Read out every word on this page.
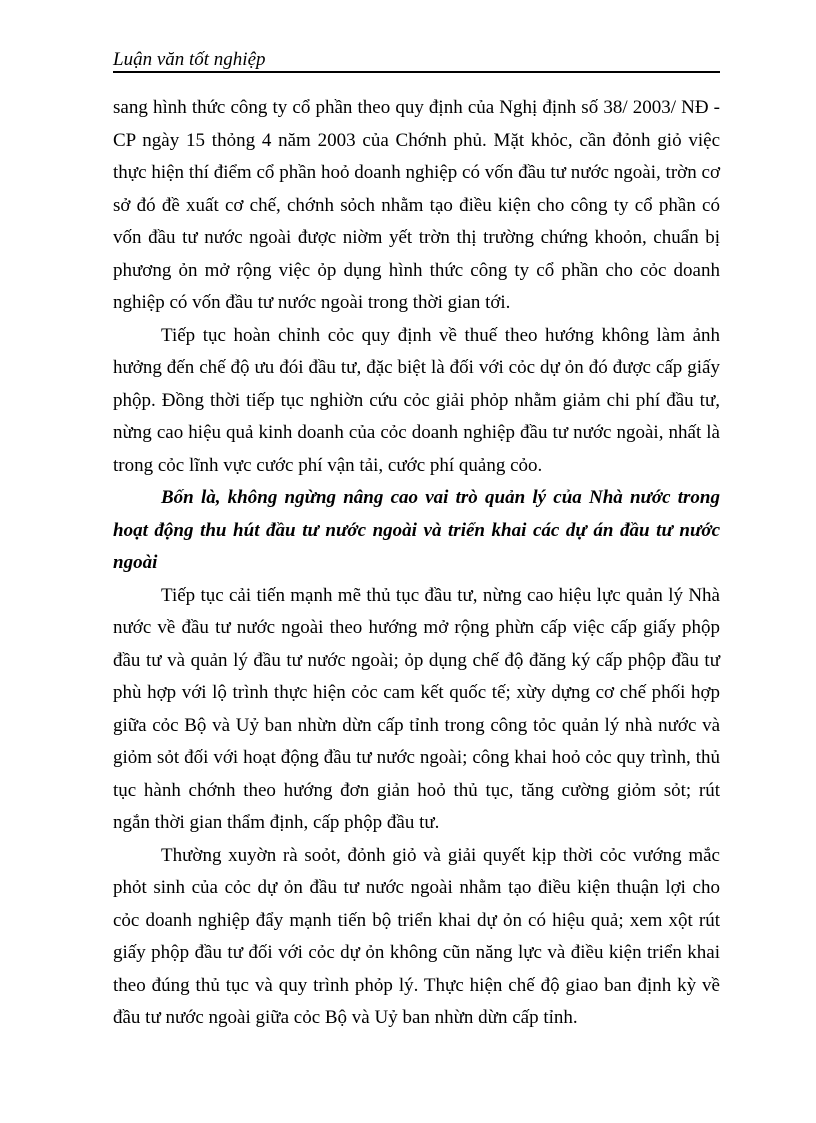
Luận văn tốt nghiệp

sang hình thức công ty cổ phần theo quy định của Nghị định số 38/ 2003/ NĐ - CP ngày 15 thỏng 4 năm 2003 của Chớnh phủ. Mặt khỏc, cần đỏnh giỏ việc thực hiện thí điểm cổ phần hoỏ doanh nghiệp có vốn đầu tư nước ngoài, trờn cơ sở đó đề xuất cơ chế, chớnh sỏch nhằm tạo điều kiện cho công ty cổ phần có vốn đầu tư nước ngoài được niờm yết trờn thị trường chứng khoỏn, chuẩn bị phương ỏn mở rộng việc ỏp dụng hình thức công ty cổ phần cho cỏc doanh nghiệp có vốn đầu tư nước ngoài trong thời gian tới.

Tiếp tục hoàn chỉnh cỏc quy định về thuế theo hướng không làm ảnh hưởng đến chế độ ưu đói đầu tư, đặc biệt là đối với cỏc dự ỏn đó được cấp giấy phộp. Đồng thời tiếp tục nghiờn cứu cỏc giải phỏp nhằm giảm chi phí đầu tư, nừng cao hiệu quả kinh doanh của cỏc doanh nghiệp đầu tư nước ngoài, nhất là trong cỏc lĩnh vực cước phí vận tải, cước phí quảng cỏo.

Bốn là, không ngừng nâng cao vai trò quản lý của Nhà nước trong hoạt động thu hút đầu tư nước ngoài và triển khai các dự án đầu tư nước ngoài

Tiếp tục cải tiến mạnh mẽ thủ tục đầu tư, nừng cao hiệu lực quản lý Nhà nước về đầu tư nước ngoài theo hướng mở rộng phừn cấp việc cấp giấy phộp đầu tư và quản lý đầu tư nước ngoài; ỏp dụng chế độ đăng ký cấp phộp đầu tư phù hợp với lộ trình thực hiện cỏc cam kết quốc tế; xừy dựng cơ chế phối hợp giữa cỏc Bộ và Uỷ ban nhừn dừn cấp tỉnh trong công tỏc quản lý nhà nước và giỏm sỏt đối với hoạt động đầu tư nước ngoài; công khai hoỏ cỏc quy trình, thủ tục hành chớnh theo hướng đơn giản hoỏ thủ tục, tăng cường giỏm sỏt; rút ngắn thời gian thẩm định, cấp phộp đầu tư.

Thường xuyờn rà soỏt, đỏnh giỏ và giải quyết kịp thời cỏc vướng mắc phỏt sinh của cỏc dự ỏn đầu tư nước ngoài nhằm tạo điều kiện thuận lợi cho cỏc doanh nghiệp đẩy mạnh tiến bộ triển khai dự ỏn có hiệu quả; xem xột rút giấy phộp đầu tư đối với cỏc dự ỏn không cũn năng lực và điều kiện triển khai theo đúng thủ tục và quy trình phỏp lý. Thực hiện chế độ giao ban định kỳ về đầu tư nước ngoài giữa cỏc Bộ và Uỷ ban nhừn dừn cấp tỉnh.
